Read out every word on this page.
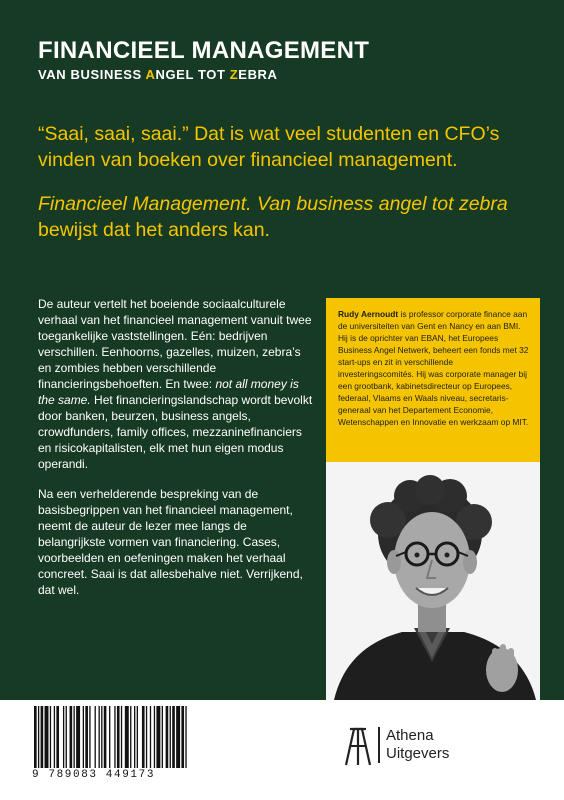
FINANCIEEL MANAGEMENT
VAN BUSINESS ANGEL TOT ZEBRA

“Saai, saai, saai.” Dat is wat veel studenten en CFO’s vinden van boeken over financieel management.

Financieel Management. Van business angel tot zebra bewijst dat het anders kan.

De auteur vertelt het boeiende sociaalculturele verhaal van het financieel management vanuit twee toegankelijke vaststellingen. Eén: bedrijven verschillen. Eenhoorns, gazelles, muizen, zebra’s en zombies hebben verschillende financieringsbehoeften. En twee: not all money is the same. Het financieringslandschap wordt bevolkt door banken, beurzen, business angels, crowdfunders, family offices, mezzaninefinanciers en risicokapitalisten, elk met hun eigen modus operandi.

Na een verhelderende bespreking van de basisbegrippen van het financieel management, neemt de auteur de lezer mee langs de belangrijkste vormen van financiering. Cases, voorbeelden en oefeningen maken het verhaal concreet. Saai is dat allesbehalve niet. Verrijkend, dat wel.

Rudy Aernoudt is professor corporate finance aan de universiteiten van Gent en Nancy en aan BMI. Hij is de oprichter van EBAN, het Europees Business Angel Netwerk, beheert een fonds met 32 start-ups en zit in verschillende investeringscomités. Hij was corporate manager bij een grootbank, kabinetsdirecteur op Europees, federaal, Vlaams en Waals niveau, secretaris-generaal van het Departement Economie, Wetenschappen en Innovatie en werkzaam op MIT.
9 789083 449173
Athena
Uitgevers
